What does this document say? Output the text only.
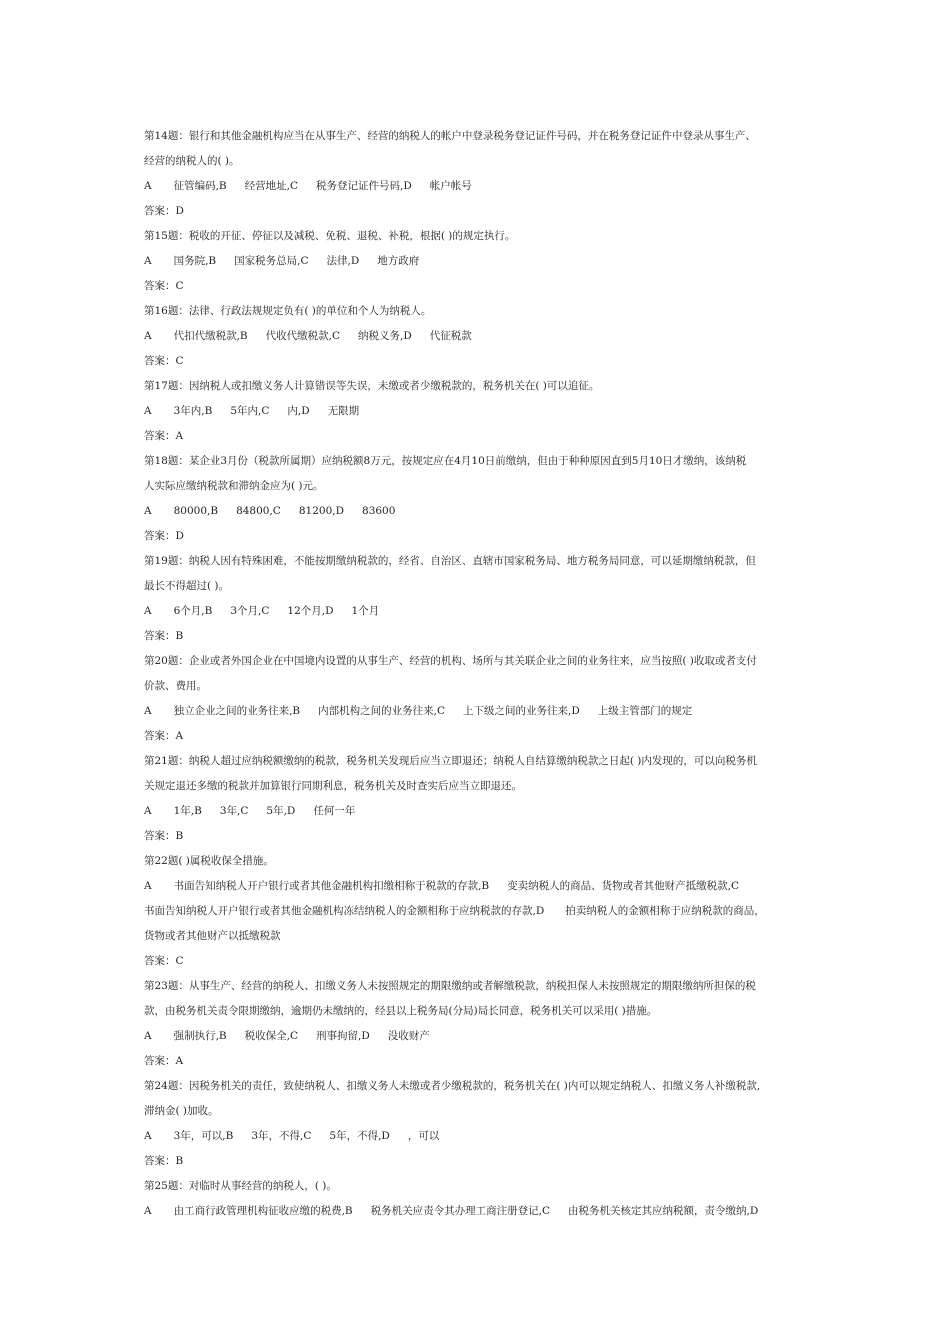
第14题：银行和其他金融机构应当在从事生产、经营的纳税人的帐户中登录税务登记证件号码，并在税务登记证件中登录从事生产、
经营的纳税人的( )。
A 征管编码,B 经营地址,C 税务登记证件号码,D 帐户帐号
答案：D
第15题：税收的开征、停征以及减税、免税、退税、补税，根据( )的规定执行。
A 国务院,B 国家税务总局,C 法律,D 地方政府
答案：C
第16题：法律、行政法规规定负有( )的单位和个人为纳税人。
A 代扣代缴税款,B 代收代缴税款,C 纳税义务,D 代征税款
答案：C
第17题：因纳税人或扣缴义务人计算错误等失误，未缴或者少缴税款的，税务机关在( )可以追征。
A 3年内,B 5年内,C 内,D 无限期
答案：A
第18题：某企业3月份（税款所属期）应纳税额8万元，按规定应在4月10日前缴纳，但由于种种原因直到5月10日才缴纳，该纳税
人实际应缴纳税款和滞纳金应为( )元。
A 80000,B 84800,C 81200,D 83600
答案：D
第19题：纳税人因有特殊困难，不能按期缴纳税款的，经省、自治区、直辖市国家税务局、地方税务局同意，可以延期缴纳税款，但
最长不得超过( )。
A 6个月,B 3个月,C 12个月,D 1个月
答案：B
第20题：企业或者外国企业在中国境内设置的从事生产、经营的机构、场所与其关联企业之间的业务往来，应当按照( )收取或者支付
价款、费用。
A 独立企业之间的业务往来,B 内部机构之间的业务往来,C 上下级之间的业务往来,D 上级主管部门的规定
答案：A
第21题：纳税人超过应纳税额缴纳的税款，税务机关发现后应当立即退还；纳税人自结算缴纳税款之日起( )内发现的，可以向税务机
关规定退还多缴的税款并加算银行同期利息，税务机关及时查实后应当立即退还。
A 1年,B 3年,C 5年,D 任何一年
答案：B
第22题( )属税收保全措施。
A 书面告知纳税人开户银行或者其他金融机构扣缴相称于税款的存款,B 变卖纳税人的商品、货物或者其他财产抵缴税款,C
书面告知纳税人开户银行或者其他金融机构冻结纳税人的金额相称于应纳税款的存款,D　　拍卖纳税人的金额相称于应纳税款的商品，
货物或者其他财产以抵缴税款
答案：C
第23题：从事生产、经营的纳税人、扣缴义务人未按照规定的期限缴纳或者解缴税款，纳税担保人未按照规定的期限缴纳所担保的税
款，由税务机关责令限期缴纳，逾期仍未缴纳的，经县以上税务局(分局)局长同意，税务机关可以采用( )措施。
A 强制执行,B 税收保全,C 刑事拘留,D 没收财产
答案：A
第24题：因税务机关的责任，致使纳税人、扣缴义务人未缴或者少缴税款的，税务机关在( )内可以规定纳税人、扣缴义务人补缴税款,
滞纳金( )加收。
A 3年，可以,B 3年，不得,C 5年，不得,D ，可以
答案：B
第25题：对临时从事经营的纳税人，( )。
A 由工商行政管理机构征收应缴的税费,B 税务机关应责令其办理工商注册登记,C 由税务机关核定其应纳税额，责令缴纳,D
